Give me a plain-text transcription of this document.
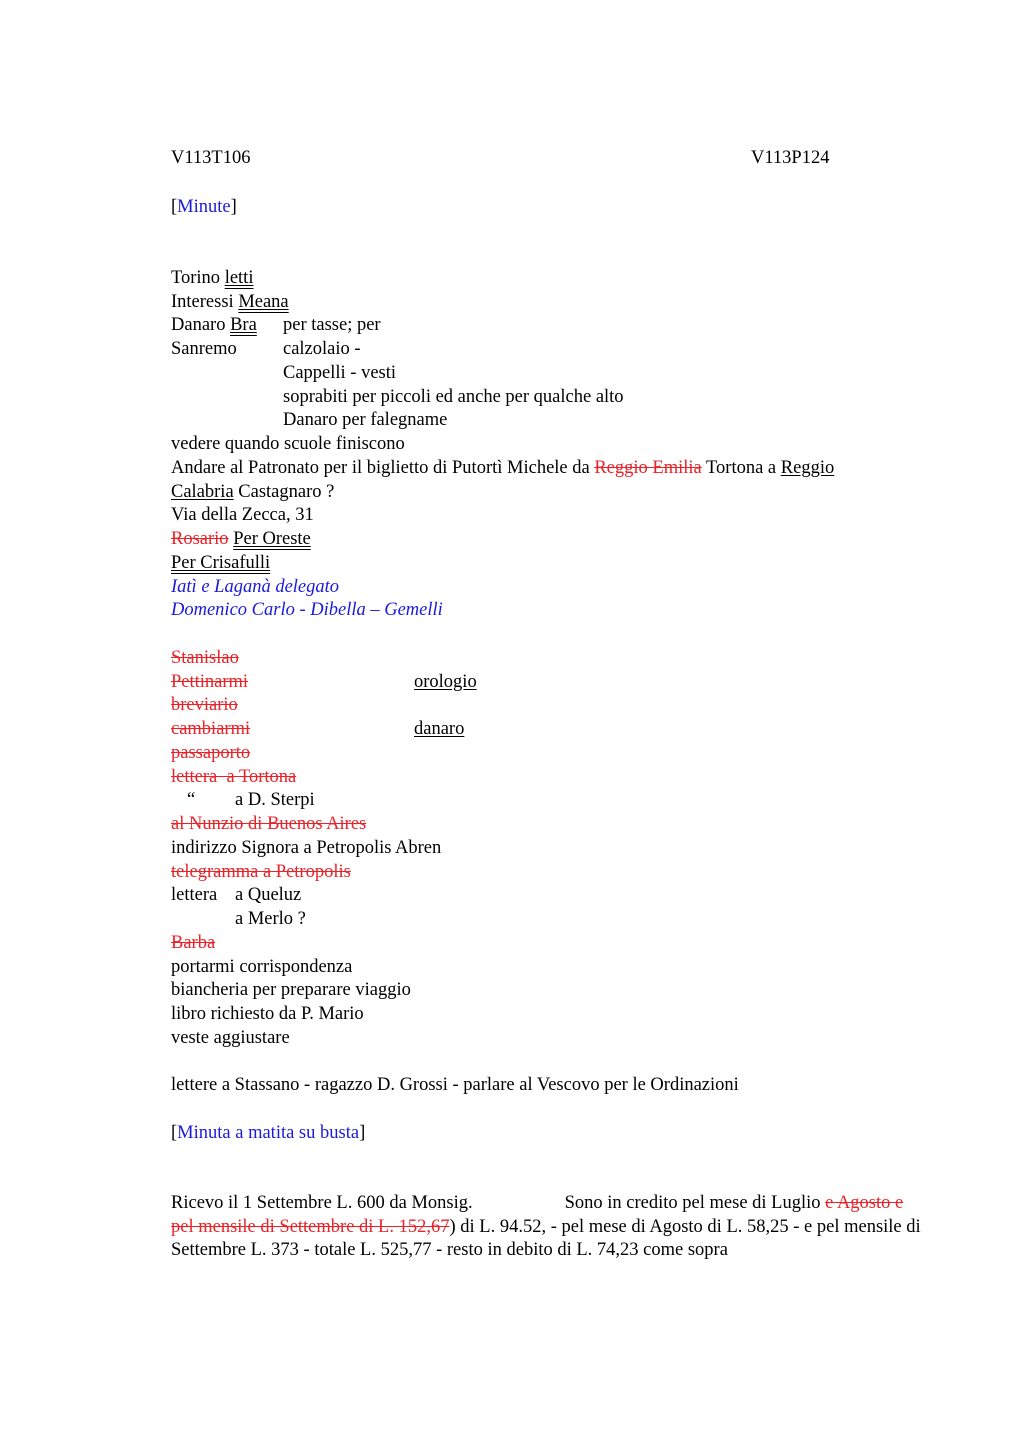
V113T106	V113P124
[Minute]
Torino letti
Interessi Meana
Danaro Bra per tasse; per
Sanremo calzolaio -
Cappelli - vesti
soprabiti per piccoli ed anche per qualche alto
Danaro per falegname
vedere quando scuole finiscono
Andare al Patronato per il biglietto di Putortì Michele da Reggio Emilia Tortona a Reggio
Calabria Castagnaro ?
Via della Zecca, 31
Rosario Per Oreste
Per Crisafulli
Iatì e Laganà delegato
Domenico Carlo - Dibella – Gemelli
Stanislao
Pettinarmi	orologio
breviario
cambiarmi	danaro
passaporto
lettera  a Tortona
“ a D. Sterpi
al Nunzio di Buenos Aires
indirizzo Signora a Petropolis Abren
telegramma a Petropolis
lettera a Queluz
a Merlo ?
Barba
portarmi corrispondenza
biancheria per preparare viaggio
libro richiesto da P. Mario
veste aggiustare
lettere a Stassano - ragazzo D. Grossi - parlare al Vescovo per le Ordinazioni
[Minuta a matita su busta]
Ricevo il 1 Settembre L. 600 da Monsig.	Sono in credito pel mese di Luglio e Agosto e pel mensile di Settembre di L. 152,67) di L. 94.52, - pel mese di Agosto di L. 58,25 - e pel mensile di Settembre L. 373 - totale L. 525,77 - resto in debito di L. 74,23 come sopra
